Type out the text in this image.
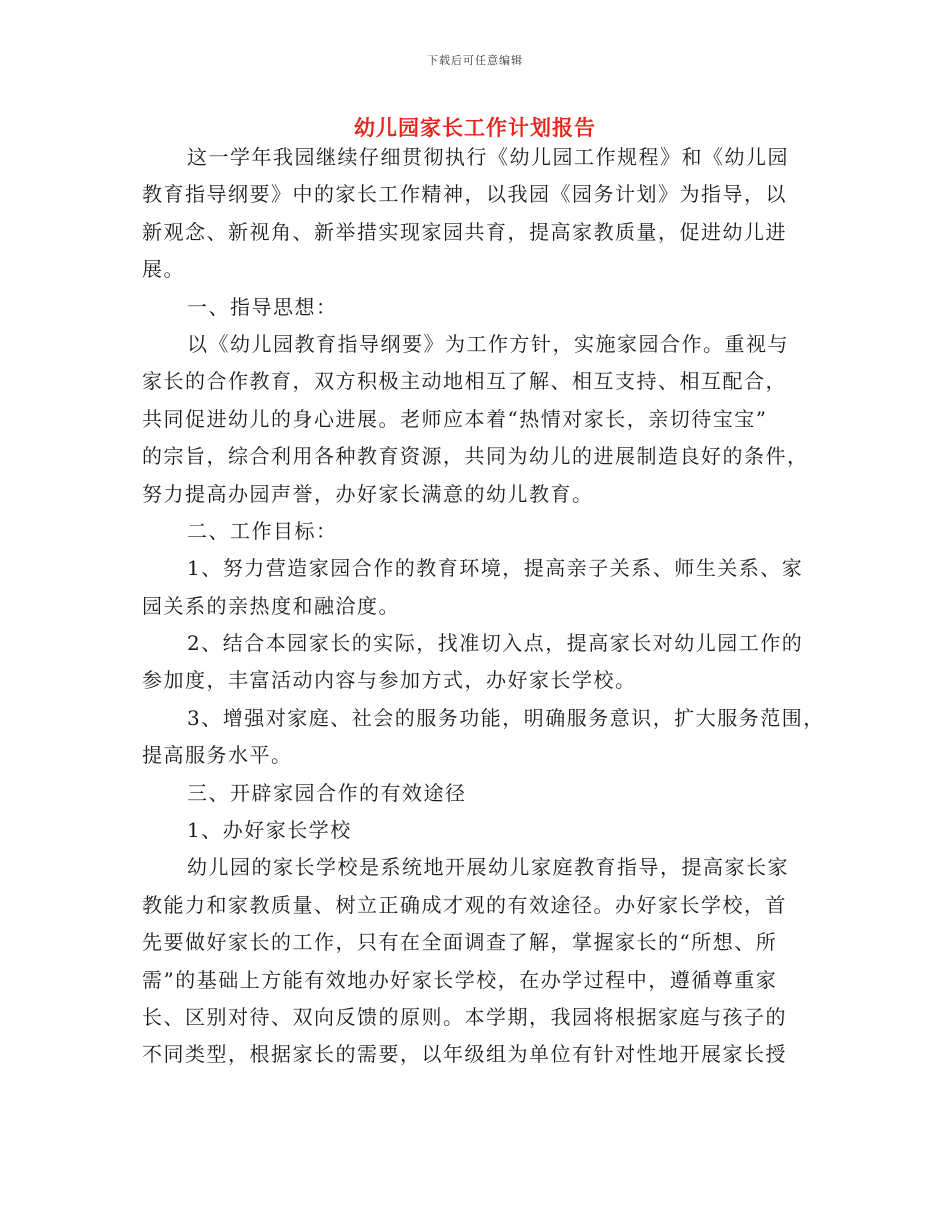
下载后可任意编辑
幼儿园家长工作计划报告
这一学年我园继续仔细贯彻执行《幼儿园工作规程》和《幼儿园
教育指导纲要》中的家长工作精神，以我园《园务计划》为指导，以
新观念、新视角、新举措实现家园共育，提高家教质量，促进幼儿进
展。
一、指导思想：
以《幼儿园教育指导纲要》为工作方针，实施家园合作。重视与
家长的合作教育，双方积极主动地相互了解、相互支持、相互配合，
共同促进幼儿的身心进展。老师应本着“热情对家长，亲切待宝宝”
的宗旨，综合利用各种教育资源，共同为幼儿的进展制造良好的条件，
努力提高办园声誉，办好家长满意的幼儿教育。
二、工作目标：
1、努力营造家园合作的教育环境，提高亲子关系、师生关系、家
园关系的亲热度和融洽度。
2、结合本园家长的实际，找准切入点，提高家长对幼儿园工作的
参加度，丰富活动内容与参加方式，办好家长学校。
3、增强对家庭、社会的服务功能，明确服务意识，扩大服务范围，
提高服务水平。
三、开辟家园合作的有效途径
1、办好家长学校
幼儿园的家长学校是系统地开展幼儿家庭教育指导，提高家长家
教能力和家教质量、树立正确成才观的有效途径。办好家长学校，首
先要做好家长的工作，只有在全面调查了解，掌握家长的“所想、所
需”的基础上方能有效地办好家长学校，在办学过程中，遵循尊重家
长、区别对待、双向反馈的原则。本学期，我园将根据家庭与孩子的
不同类型，根据家长的需要，以年级组为单位有针对性地开展家长授
